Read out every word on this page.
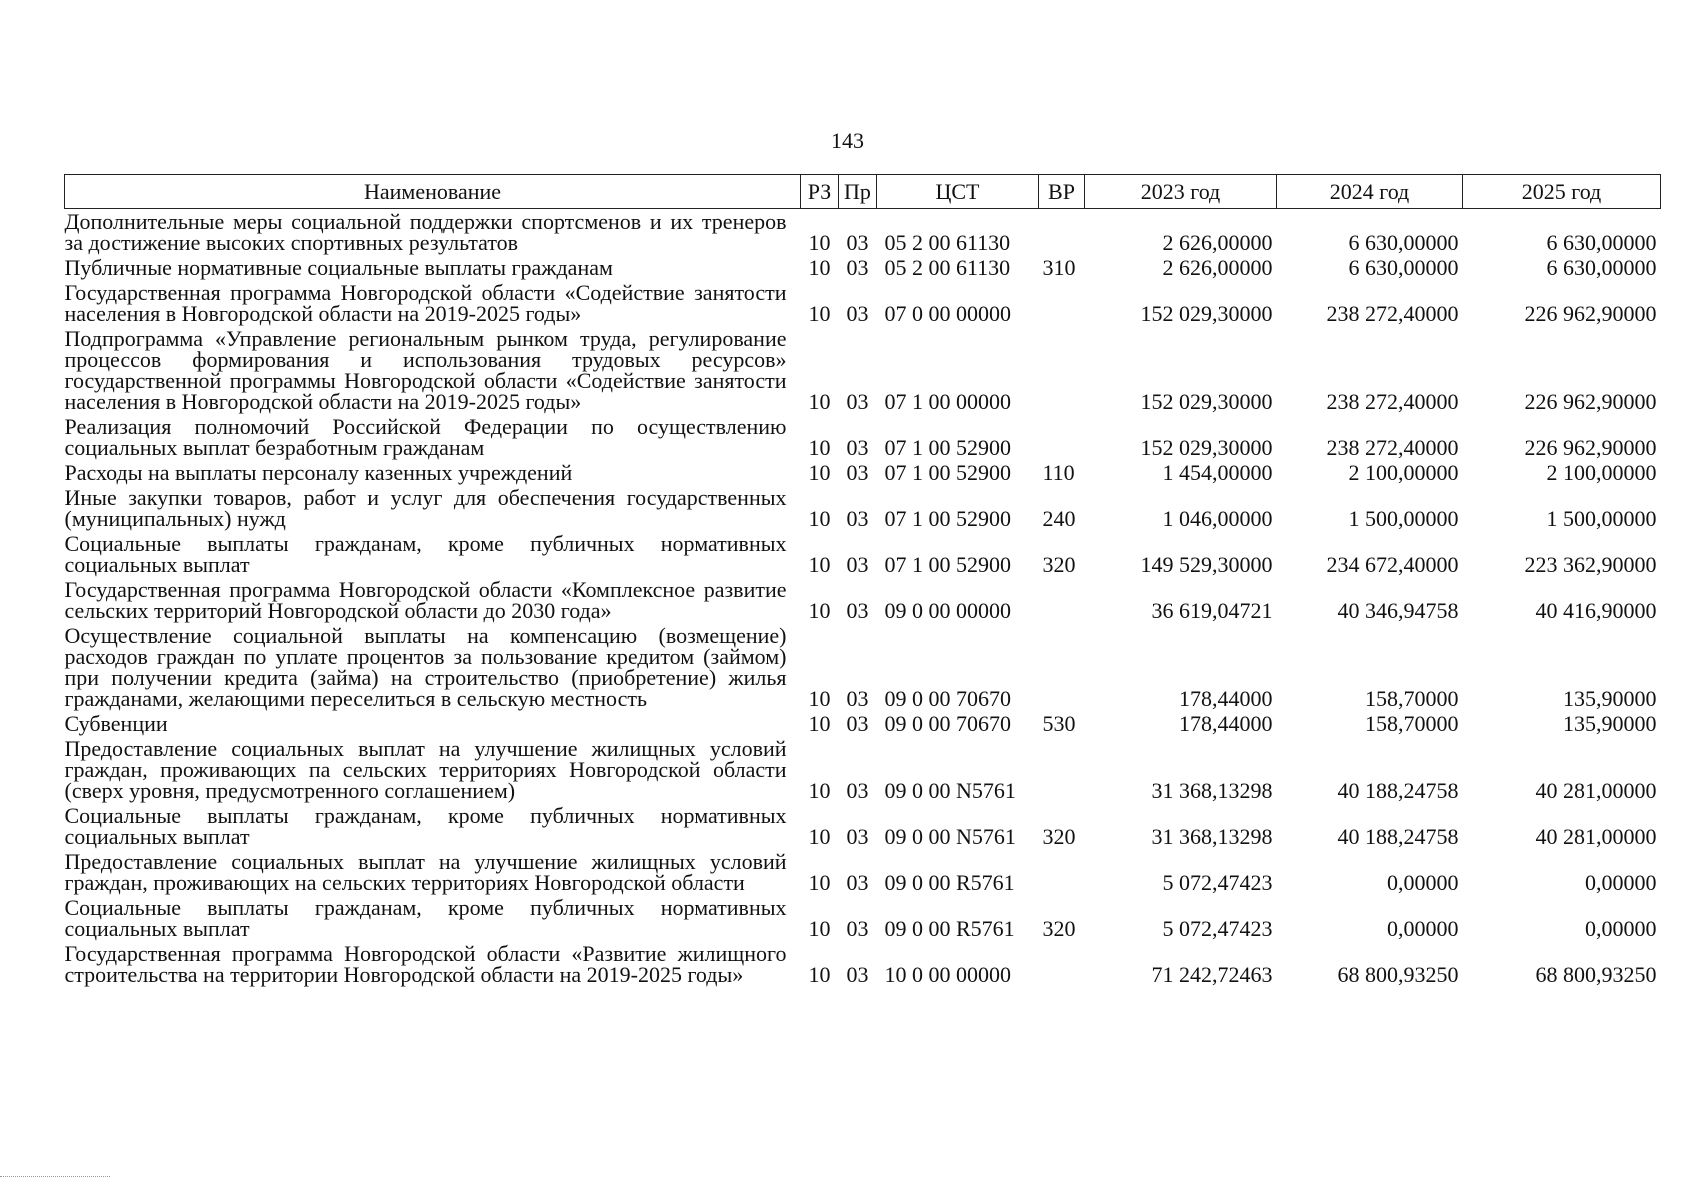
143
Наименование	РЗ	Пр	ЦСТ	ВР	2023 год	2024 год	2025 год
Дополнительные меры социальной поддержки спортсменов и их тренеров за достижение высоких спортивных результатов	10	03	05 2 00 61130		2 626,00000	6 630,00000	6 630,00000
Публичные нормативные социальные выплаты гражданам	10	03	05 2 00 61130	310	2 626,00000	6 630,00000	6 630,00000
Государственная программа Новгородской области «Содействие занятости населения в Новгородской области на 2019-2025 годы»	10	03	07 0 00 00000		152 029,30000	238 272,40000	226 962,90000
Подпрограмма «Управление региональным рынком труда, регулирование процессов формирования и использования трудовых ресурсов» государственной программы Новгородской области «Содействие занятости населения в Новгородской области на 2019-2025 годы»	10	03	07 1 00 00000		152 029,30000	238 272,40000	226 962,90000
Реализация полномочий Российской Федерации по осуществлению социальных выплат безработным гражданам	10	03	07 1 00 52900		152 029,30000	238 272,40000	226 962,90000
Расходы на выплаты персоналу казенных учреждений	10	03	07 1 00 52900	110	1 454,00000	2 100,00000	2 100,00000
Иные закупки товаров, работ и услуг для обеспечения государственных (муниципальных) нужд	10	03	07 1 00 52900	240	1 046,00000	1 500,00000	1 500,00000
Социальные выплаты гражданам, кроме публичных нормативных социальных выплат	10	03	07 1 00 52900	320	149 529,30000	234 672,40000	223 362,90000
Государственная программа Новгородской области «Комплексное развитие сельских территорий Новгородской области до 2030 года»	10	03	09 0 00 00000		36 619,04721	40 346,94758	40 416,90000
Осуществление социальной выплаты на компенсацию (возмещение) расходов граждан по уплате процентов за пользование кредитом (займом) при получении кредита (займа) на строительство (приобретение) жилья гражданами, желающими переселиться в сельскую местность	10	03	09 0 00 70670		178,44000	158,70000	135,90000
Субвенции	10	03	09 0 00 70670	530	178,44000	158,70000	135,90000
Предоставление социальных выплат на улучшение жилищных условий граждан, проживающих па сельских территориях Новгородской области (сверх уровня, предусмотренного соглашением)	10	03	09 0 00 N5761		31 368,13298	40 188,24758	40 281,00000
Социальные выплаты гражданам, кроме публичных нормативных социальных выплат	10	03	09 0 00 N5761	320	31 368,13298	40 188,24758	40 281,00000
Предоставление социальных выплат на улучшение жилищных условий граждан, проживающих на сельских территориях Новгородской области	10	03	09 0 00 R5761		5 072,47423	0,00000	0,00000
Социальные выплаты гражданам, кроме публичных нормативных социальных выплат	10	03	09 0 00 R5761	320	5 072,47423	0,00000	0,00000
Государственная программа Новгородской области «Развитие жилищного строительства на территории Новгородской области на 2019-2025 годы»	10	03	10 0 00 00000		71 242,72463	68 800,93250	68 800,93250
